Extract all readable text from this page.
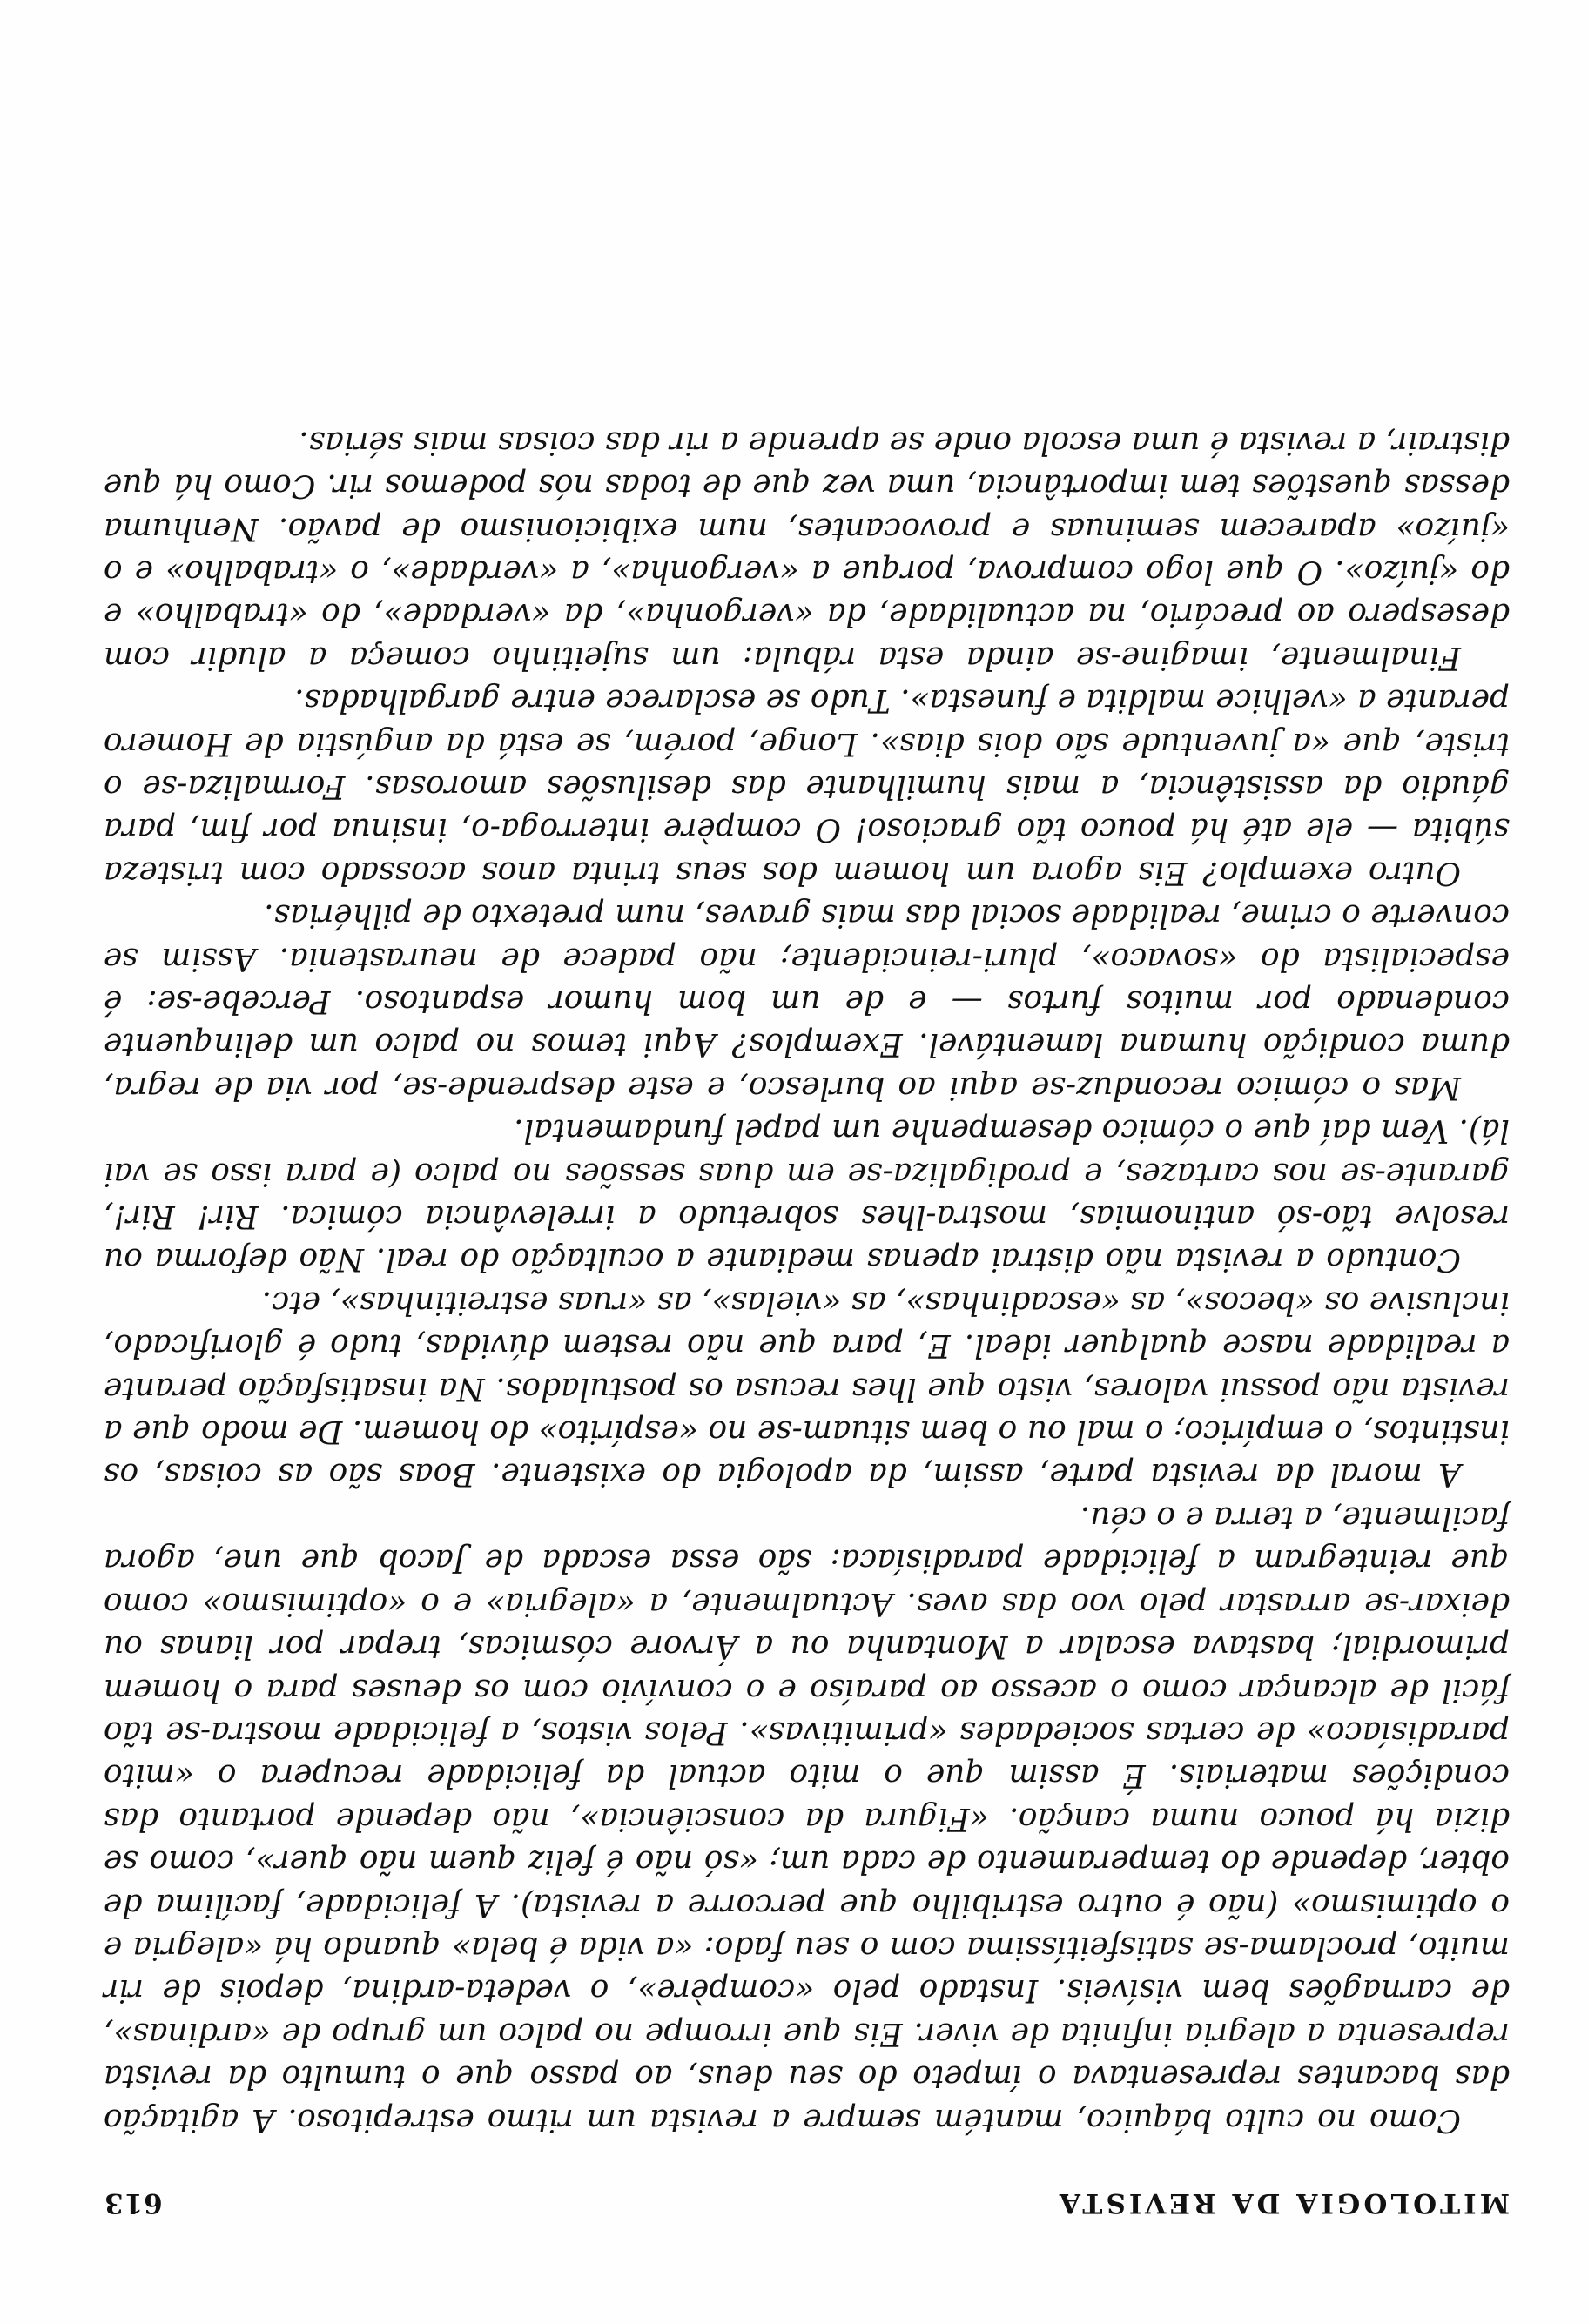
MITOLOGIA DA REVISTA
613

Como no culto báquico, mantém sempre a revista um ritmo estrepitoso. A agitação das bacantes representava o ímpeto do seu deus, ao passo que o tumulto da revista representa a alegria infinita de viver. Eis que irrompe no palco um grupo de «ardinas», de carnagões bem visíveis. Instado pelo «compère», o vedeta-ardina, depois de rir muito, proclama-se satisfeitíssima com o seu fado: «a vida é bela» quando há «alegria e o optimismo» (não é outro estribilho que percorre a revista). A felicidade, facílima de obter, depende do temperamento de cada um; «só não é feliz quem não quer», como se dizia há pouco numa canção. «Figura da consciência», não depende portanto das condições materiais. É assim que o mito actual da felicidade recupera o «mito paradisíaco» de certas sociedades «primitivas». Pelos vistos, a felicidade mostra-se tão fácil de alcançar como o acesso ao paraíso e o convívio com os deuses para o homem primordial; bastava escalar a Montanha ou a Árvore cósmicas, trepar por lianas ou deixar-se arrastar pelo voo das aves. Actualmente, a «alegria» e o «optimismo» como que reintegram a felicidade paradisíaca: são essa escada de Jacob que une, agora facilmente, a terra e o céu.

A moral da revista parte, assim, da apologia do existente. Boas são as coisas, os instintos, o empírico; o mal ou o bem situam-se no «espírito» do homem. De modo que a revista não possui valores, visto que lhes recusa os postulados. Na insatisfação perante a realidade nasce qualquer ideal. E, para que não restem dúvidas, tudo é glorificado, inclusive os «becos», as «escadinhas», as «vielas», as «ruas estreitinhas», etc.

Contudo a revista não distrai apenas mediante a ocultação do real. Não deforma ou resolve tão-só antinomias, mostra-lhes sobretudo a irrelevância cómica. Rir! Rir!, garante-se nos cartazes, e prodigaliza-se em duas sessões no palco (e para isso se vai lá). Vem daí que o cómico desempenhe um papel fundamental.

Mas o cómico reconduz-se aqui ao burlesco, e este desprende-se, por via de regra, duma condição humana lamentável. Exemplos? Aqui temos no palco um delinquente condenado por muitos furtos — e de um bom humor espantoso. Percebe-se: é especialista do «sovaco», pluri-reincidente; não padece de neurastenia. Assim se converte o crime, realidade social das mais graves, num pretexto de pilhérias.

Outro exemplo? Eis agora um homem dos seus trinta anos acossado com tristeza súbita — ele até há pouco tão gracioso! O compère interroga-o, insinua por fim, para gáudio da assistência, a mais humilhante das desilusões amorosas. Formaliza-se o triste, que «a juventude são dois dias». Longe, porém, se está da angústia de Homero perante a «velhice maldita e funesta». Tudo se esclarece entre gargalhadas.

Finalmente, imagine-se ainda esta rábula: um sujeitinho começa a aludir com desespero ao precário, na actualidade, da «vergonha», da «verdade», do «trabalho» e do «juízo». O que logo comprova, porque a «vergonha», a «verdade», o «trabalho» e o «juízo» aparecem seminuas e provocantes, num exibicionismo de pavão. Nenhuma dessas questões tem importância, uma vez que de todas nós podemos rir. Como há que distrair, a revista é uma escola onde se aprende a rir das coisas mais sérias.
